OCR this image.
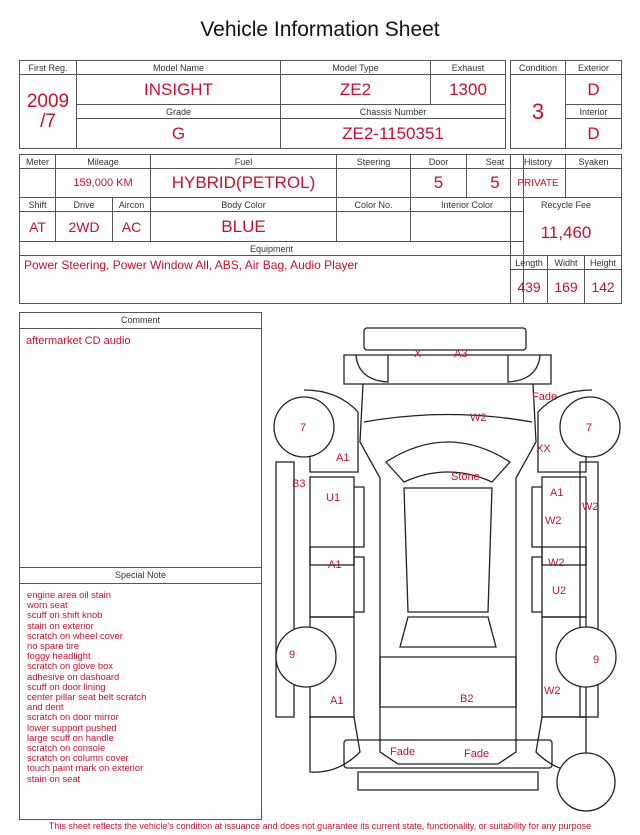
Vehicle Information Sheet
First Reg.	Model Name	Model Type	Exhaust

2009
/7	INSIGHT	ZE2	1300
	Grade	Chassis Number	
	G	ZE2-1150351	
Condition	Exterior
3	D
	Interior
	D
Meter	Mileage		Fuel	Steering	Door	Seat
	159,000 KM		HYBRID(PETROL)		5	5
Shift	Drive	Aircon	Body Color	Color No.	Interior Color	
AT	2WD	AC	BLUE			
Equipment						
Power Steering, Power Window All, ABS, Air Bag, Audio Player						
History		Syaken	
PRIVATE			
Recycle Fee			
11,460			
Length	Widht		Height
439	169		142
Comment
aftermarket CD audio
Special Note
engine area oil stain
worn seat
scuff on shift knob
stain on exterior
scratch on wheel cover
no spare tire
foggy headlight
scratch on glove box
adhesive on dashoard
scuff on door lining
center pillar seat belt scratch
and dent
scratch on door mirror
lower support pushed
large scuff on handle
scratch on console
scratch on column cover
touch paint mark on exterior
stain on seat
X	A3
Fade
W2
7	7
XX
A1
Stone
B3
U1	A1
W2
W2
A1	W2
U2
9	9
W2
A1	B2
Fade	Fade
This sheet reflects the vehicle's condition at issuance and does not guarantee its current state, functionality, or suitability for any purpose
